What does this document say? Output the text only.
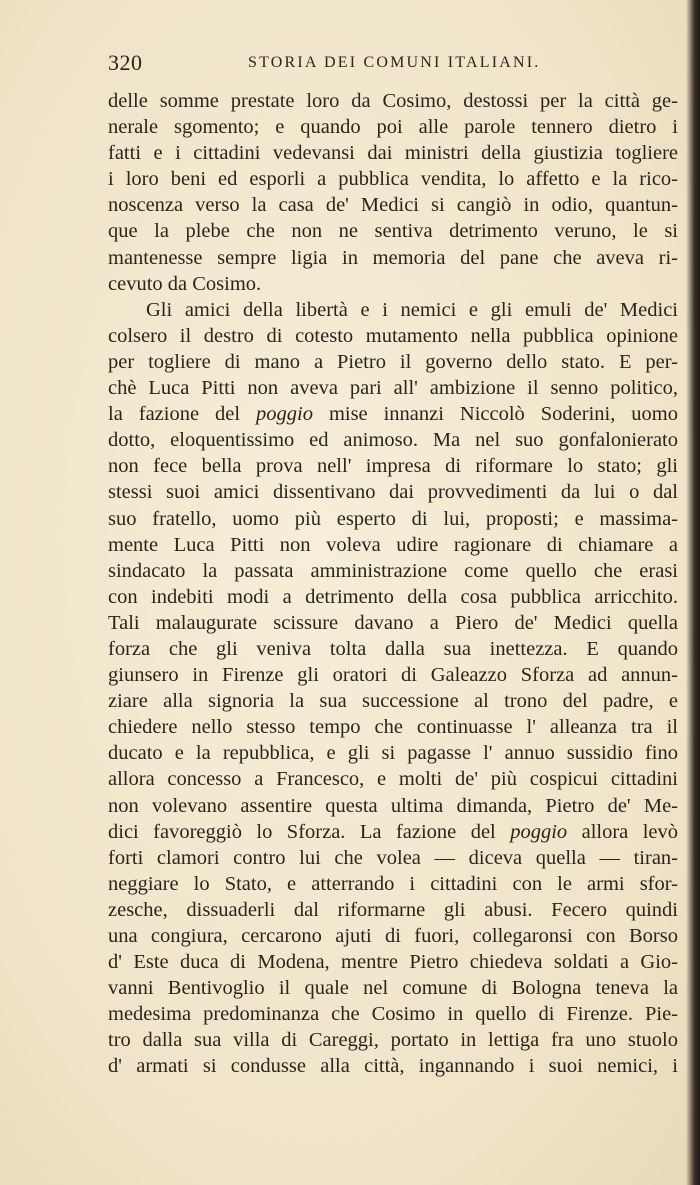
320	STORIA DEI COMUNI ITALIANI.
delle somme prestate loro da Cosimo, destossi per la città ge-
nerale sgomento; e quando poi alle parole tennero dietro i
fatti e i cittadini vedevansi dai ministri della giustizia togliere
i loro beni ed esporli a pubblica vendita, lo affetto e la rico-
noscenza verso la casa de' Medici si cangiò in odio, quantun-
que la plebe che non ne sentiva detrimento veruno, le si
mantenesse sempre ligia in memoria del pane che aveva ri-
cevuto da Cosimo.
Gli amici della libertà e i nemici e gli emuli de' Medici
colsero il destro di cotesto mutamento nella pubblica opinione
per togliere di mano a Pietro il governo dello stato. E per-
chè Luca Pitti non aveva pari all' ambizione il senno politico,
la fazione del poggio mise innanzi Niccolò Soderini, uomo
dotto, eloquentissimo ed animoso. Ma nel suo gonfalonierato
non fece bella prova nell' impresa di riformare lo stato; gli
stessi suoi amici dissentivano dai provvedimenti da lui o dal
suo fratello, uomo più esperto di lui, proposti; e massima-
mente Luca Pitti non voleva udire ragionare di chiamare a
sindacato la passata amministrazione come quello che erasi
con indebiti modi a detrimento della cosa pubblica arricchito.
Tali malaugurate scissure davano a Piero de' Medici quella
forza che gli veniva tolta dalla sua inettezza. E quando
giunsero in Firenze gli oratori di Galeazzo Sforza ad annun-
ziare alla signoria la sua successione al trono del padre, e
chiedere nello stesso tempo che continuasse l' alleanza tra il
ducato e la repubblica, e gli si pagasse l' annuo sussidio fino
allora concesso a Francesco, e molti de' più cospicui cittadini
non volevano assentire questa ultima dimanda, Pietro de' Me-
dici favoreggiò lo Sforza. La fazione del poggio allora levò
forti clamori contro lui che volea — diceva quella — tiran-
neggiare lo Stato, e atterrando i cittadini con le armi sfor-
zesche, dissuaderli dal riformarne gli abusi. Fecero quindi
una congiura, cercarono ajuti di fuori, collegaronsi con Borso
d' Este duca di Modena, mentre Pietro chiedeva soldati a Gio-
vanni Bentivoglio il quale nel comune di Bologna teneva la
medesima predominanza che Cosimo in quello di Firenze. Pie-
tro dalla sua villa di Careggi, portato in lettiga fra uno stuolo
d' armati si condusse alla città, ingannando i suoi nemici, i
